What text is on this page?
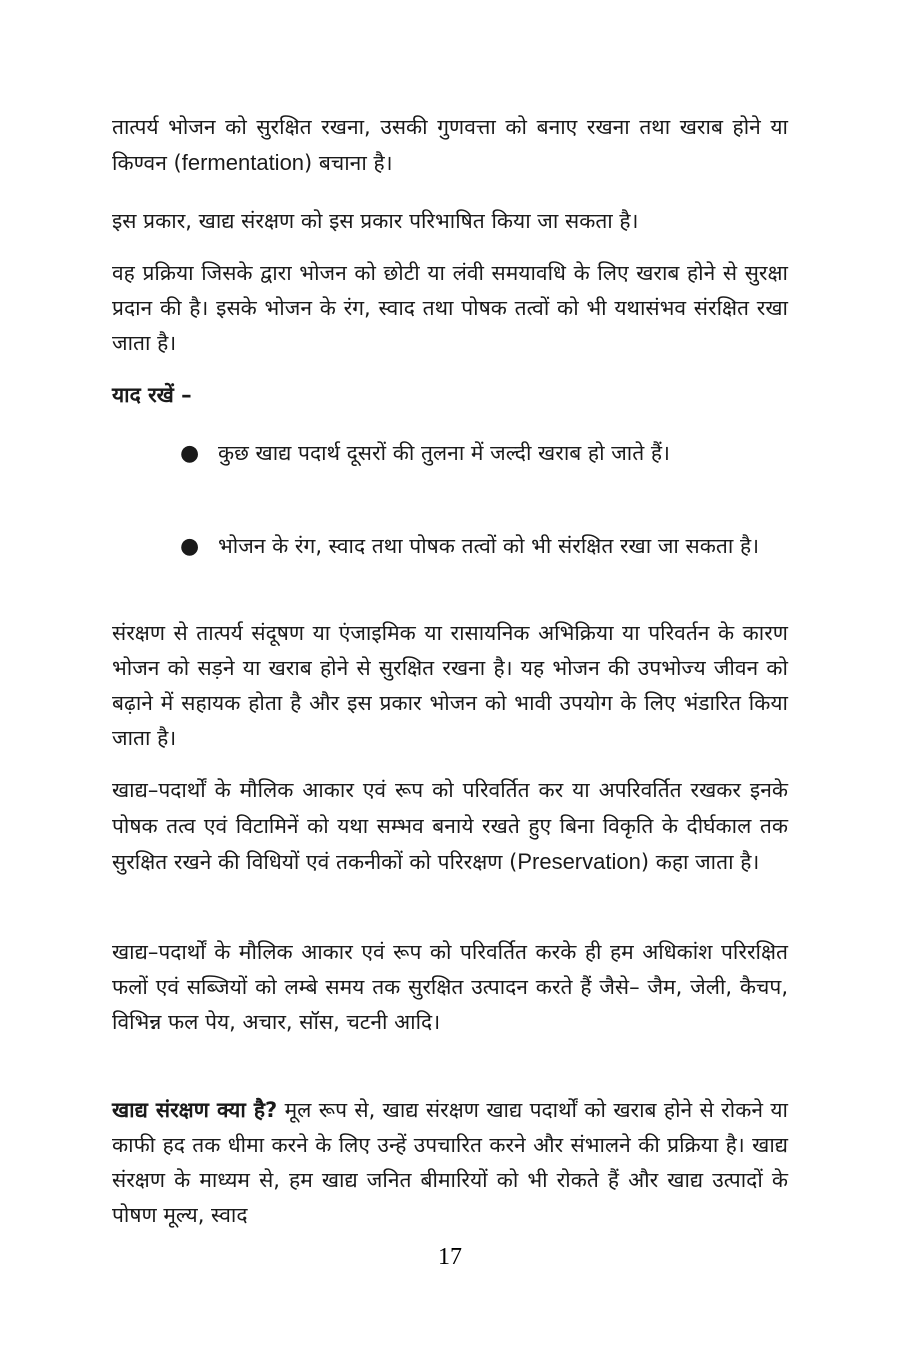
तात्पर्य भोजन को सुरक्षित रखना, उसकी गुणवत्ता को बनाए रखना तथा खराब होने या किण्वन (fermentation) बचाना है।

इस प्रकार, खाद्य संरक्षण को इस प्रकार परिभाषित किया जा सकता है।

वह प्रक्रिया जिसके द्वारा भोजन को छोटी या लंवी समयावधि के लिए खराब होने से सुरक्षा प्रदान की है। इसके भोजन के रंग, स्वाद तथा पोषक तत्वों को भी यथासंभव संरक्षित रखा जाता है।

याद रखें –

● कुछ खाद्य पदार्थ दूसरों की तुलना में जल्दी खराब हो जाते हैं।
● भोजन के रंग, स्वाद तथा पोषक तत्वों को भी संरक्षित रखा जा सकता है।

संरक्षण से तात्पर्य संदूषण या एंजाइमिक या रासायनिक अभिक्रिया या परिवर्तन के कारण भोजन को सड़ने या खराब होने से सुरक्षित रखना है। यह भोजन की उपभोज्य जीवन को बढ़ाने में सहायक होता है और इस प्रकार भोजन को भावी उपयोग के लिए भंडारित किया जाता है।

खाद्य–पदार्थों के मौलिक आकार एवं रूप को परिवर्तित कर या अपरिवर्तित रखकर इनके पोषक तत्व एवं विटामिनें को यथा सम्भव बनाये रखते हुए बिना विकृति के दीर्घकाल तक सुरक्षित रखने की विधियों एवं तकनीकों को परिरक्षण (Preservation) कहा जाता है।

खाद्य–पदार्थों के मौलिक आकार एवं रूप को परिवर्तित करके ही हम अधिकांश परिरक्षित फलों एवं सब्जियों को लम्बे समय तक सुरक्षित उत्पादन करते हैं जैसे– जैम, जेली, कैचप, विभिन्न फल पेय, अचार, सॉस, चटनी आदि।

खाद्य संरक्षण क्या है? मूल रूप से, खाद्य संरक्षण खाद्य पदार्थों को खराब होने से रोकने या काफी हद तक धीमा करने के लिए उन्हें उपचारित करने और संभालने की प्रक्रिया है। खाद्य संरक्षण के माध्यम से, हम खाद्य जनित बीमारियों को भी रोकते हैं और खाद्य उत्पादों के पोषण मूल्य, स्वाद

17
